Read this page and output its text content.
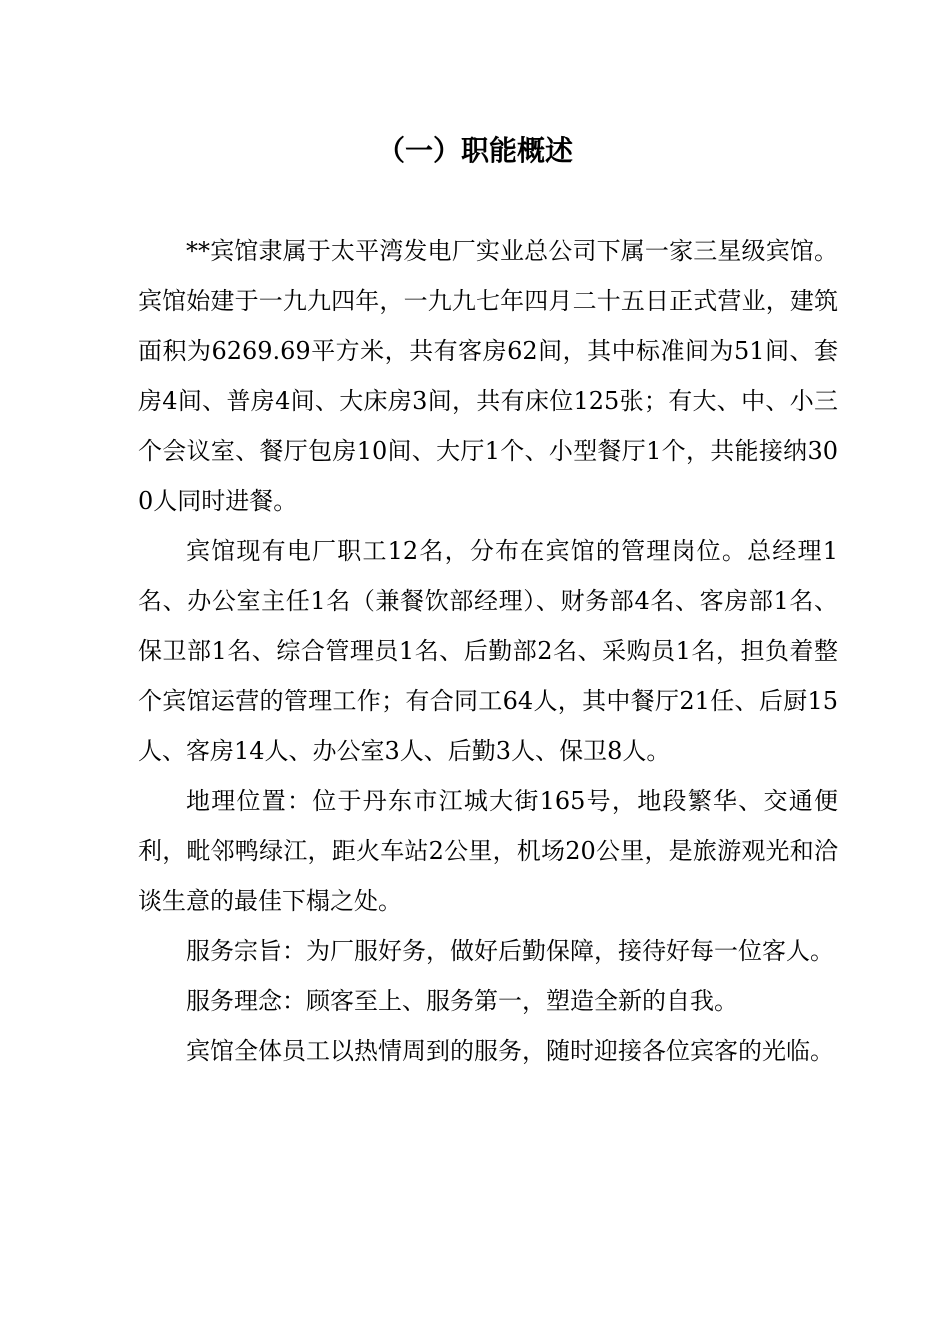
（一）职能概述

**宾馆隶属于太平湾发电厂实业总公司下属一家三星级宾馆。宾馆始建于一九九四年，一九九七年四月二十五日正式营业，建筑面积为6269.69平方米，共有客房62间，其中标准间为51间、套房4间、普房4间、大床房3间，共有床位125张；有大、中、小三个会议室、餐厅包房10间、大厅1个、小型餐厅1个，共能接纳300人同时进餐。

宾馆现有电厂职工12名，分布在宾馆的管理岗位。总经理1名、办公室主任1名（兼餐饮部经理）、财务部4名、客房部1名、保卫部1名、综合管理员1名、后勤部2名、采购员1名，担负着整个宾馆运营的管理工作；有合同工64人，其中餐厅21任、后厨15人、客房14人、办公室3人、后勤3人、保卫8人。

地理位置：位于丹东市江城大街165号，地段繁华、交通便利，毗邻鸭绿江，距火车站2公里，机场20公里，是旅游观光和洽谈生意的最佳下榻之处。

服务宗旨：为厂服好务，做好后勤保障，接待好每一位客人。

服务理念：顾客至上、服务第一，塑造全新的自我。

宾馆全体员工以热情周到的服务，随时迎接各位宾客的光临。
